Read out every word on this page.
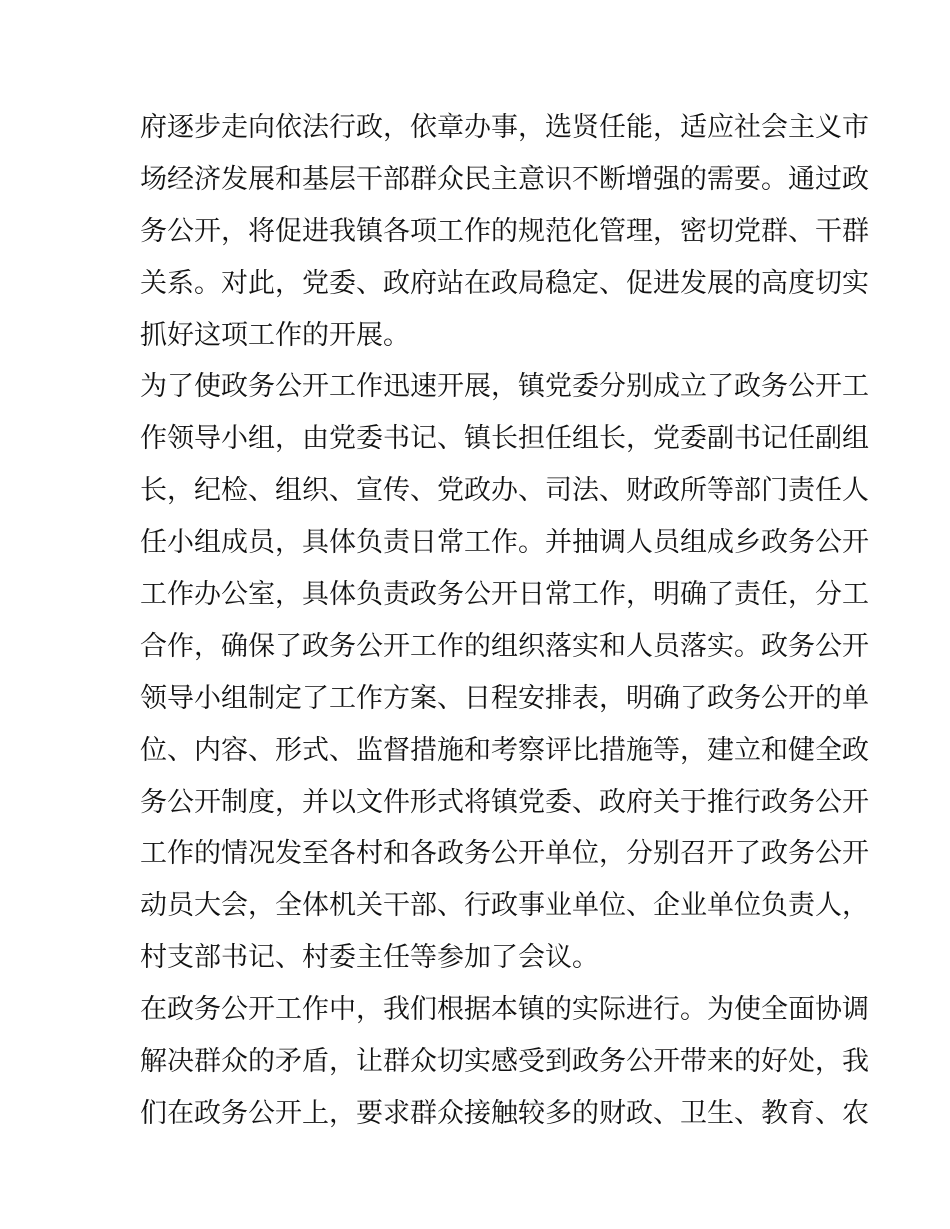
府逐步走向依法行政，依章办事，选贤任能，适应社会主义市
场经济发展和基层干部群众民主意识不断增强的需要。通过政
务公开，将促进我镇各项工作的规范化管理，密切党群、干群
关系。对此，党委、政府站在政局稳定、促进发展的高度切实
抓好这项工作的开展。
为了使政务公开工作迅速开展，镇党委分别成立了政务公开工
作领导小组，由党委书记、镇长担任组长，党委副书记任副组
长，纪检、组织、宣传、党政办、司法、财政所等部门责任人
任小组成员，具体负责日常工作。并抽调人员组成乡政务公开
工作办公室，具体负责政务公开日常工作，明确了责任，分工
合作，确保了政务公开工作的组织落实和人员落实。政务公开
领导小组制定了工作方案、日程安排表，明确了政务公开的单
位、内容、形式、监督措施和考察评比措施等，建立和健全政
务公开制度，并以文件形式将镇党委、政府关于推行政务公开
工作的情况发至各村和各政务公开单位，分别召开了政务公开
动员大会，全体机关干部、行政事业单位、企业单位负责人，
村支部书记、村委主任等参加了会议。
在政务公开工作中，我们根据本镇的实际进行。为使全面协调
解决群众的矛盾，让群众切实感受到政务公开带来的好处，我
们在政务公开上，要求群众接触较多的财政、卫生、教育、农
